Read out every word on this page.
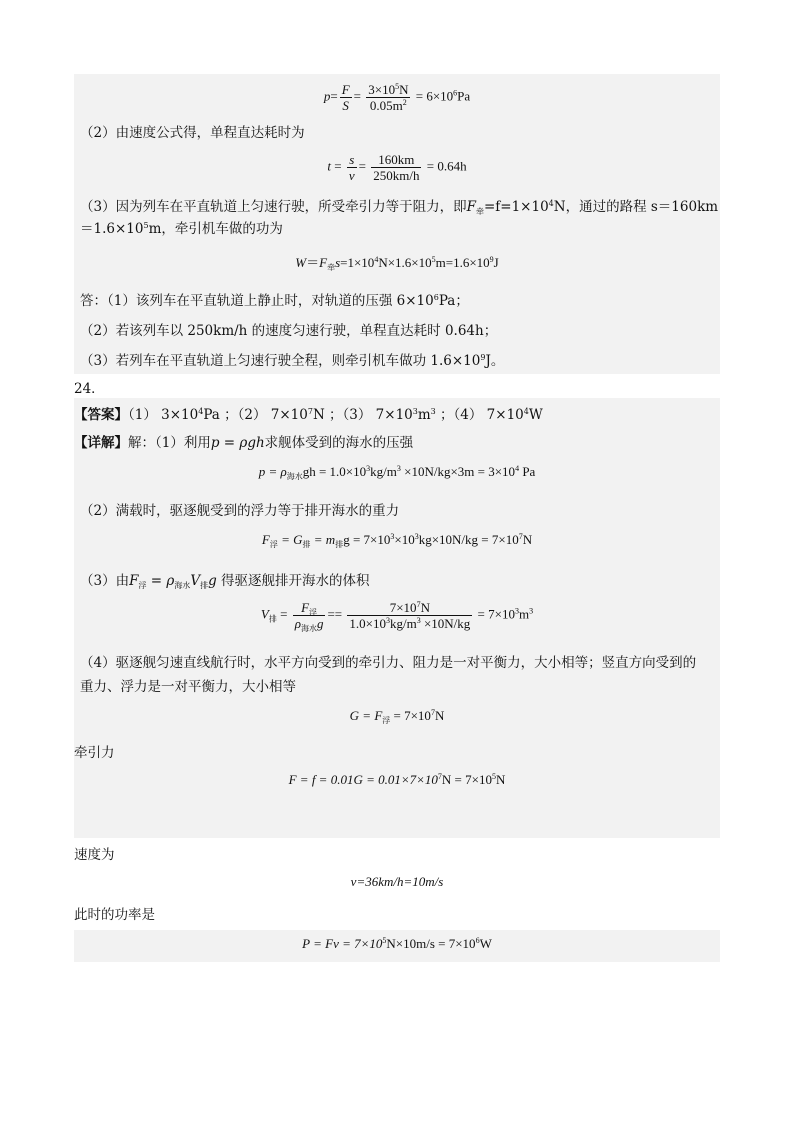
$p= \frac{F}{S} = \frac{3\times 10^5N}{0.05m^2} = 6\times 10^6Pa$
（2）由速度公式得，单程直达耗时为
$t = \frac{s}{v} = \frac{160km}{250km/h} = 0.64h$
（3）因为列车在平直轨道上匀速行驶，所受牵引力等于阻力，即$F_牵=f=1\times 10^4N$，通过的路程 s＝160km
$=1.6\times 10^5m$，牵引机车做的功为
$W=F_牵s=1\times 10^4N\times 1.6\times 10^5m=1.6\times 10^9J$
答：（1）该列车在平直轨道上静止时，对轨道的压强 $6\times 10^6Pa$；
（2）若该列车以 250km/h 的速度匀速行驶，单程直达耗时 0.64h；
（3）若列车在平直轨道上匀速行驶全程，则牵引机车做功 $1.6\times 10^9J$。
24．
【答案】（1） $3\times 10^4Pa$ ；（2） $7\times 10^7N$ ；（3） $7\times 10^3m^3$ ；（4） $7\times 10^4W$
【详解】解：（1）利用p = ρgh求舰体受到的海水的压强
$p = \rho_{海水}gh = 1.0\times 10^3kg/m^3 \times 10N/kg\times 3m = 3\times 10^4$ Pa
（2）满载时，驱逐舰受到的浮力等于排开海水的重力
$F_浮 = G_排 = m_排g = 7\times 10^3\times 10^3kg\times 10N/kg = 7\times 10^7N$
（3）由$F_浮 = \rho_{海水}V_排g$ 得驱逐舰排开海水的体积
$V_排 = \frac{F_浮}{\rho_{海水}g} == \frac{7\times 10^7N}{1.0\times 10^3kg/m^3 \times 10N/kg} = 7\times 10^3m^3$
（4）驱逐舰匀速直线航行时，水平方向受到的牵引力、阻力是一对平衡力，大小相等；竖直方向受到的
重力、浮力是一对平衡力，大小相等
$G = F_浮 = 7\times 10^7N$
牵引力
$F = f = 0.01G = 0.01\times 7\times 10^7N = 7\times 10^5N$
速度为
v=36km/h=10m/s
此时的功率是
$P = Fv = 7\times 10^5N\times 10m/s = 7\times 10^6W$
